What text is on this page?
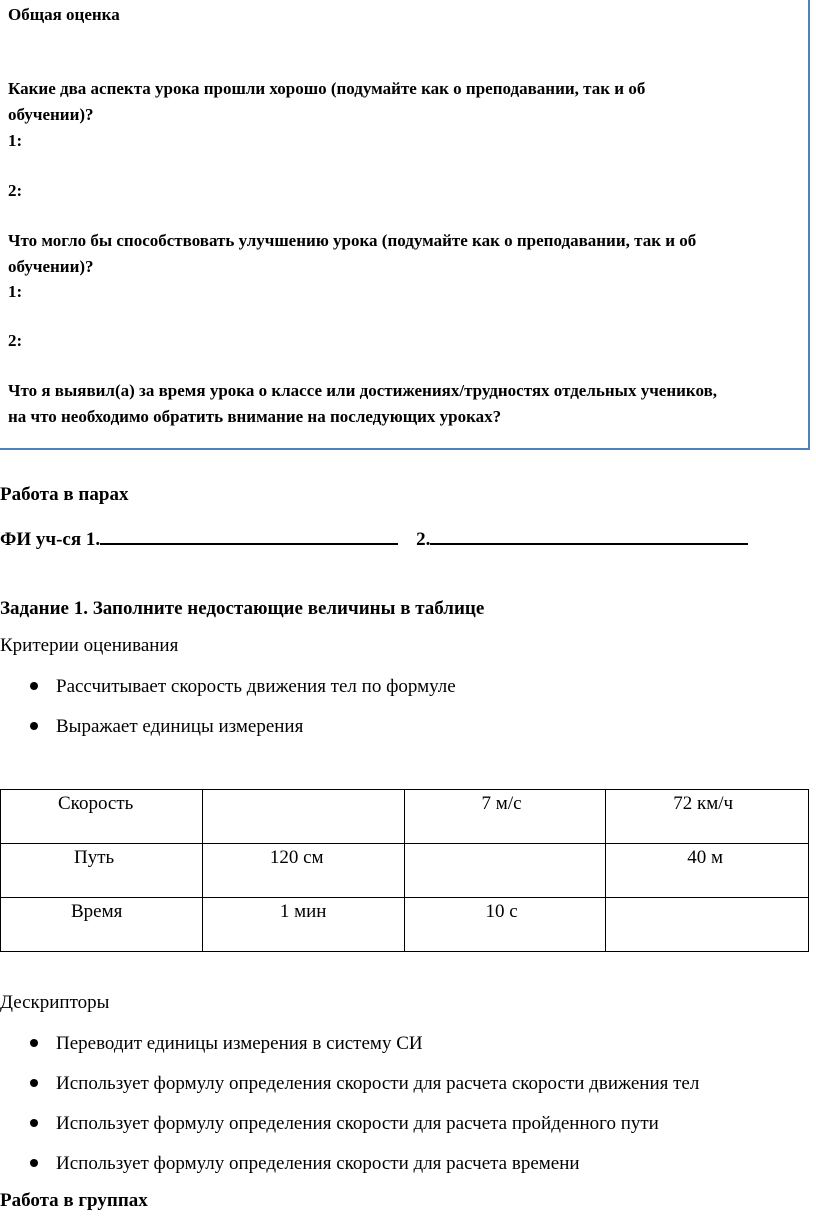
Общая оценка
Какие два аспекта урока прошли хорошо (подумайте как о преподавании, так и об
обучении)?
1:
2:
Что могло бы способствовать улучшению урока (подумайте как о преподавании, так и об
обучении)?
1:
2:
Что я выявил(а) за время урока о классе или достижениях/трудностях отдельных учеников,
на что необходимо обратить внимание на последующих уроках?
Работа в парах
ФИ уч-ся 1.	2.
Задание 1. Заполните недостающие величины в таблице
Критерии оценивания
Рассчитывает скорость движения тел по формуле
Выражает единицы измерения
Скорость		7 м/с	72 км/ч
Путь	120 см		40 м
Время	1 мин	10 с	
Дескрипторы
Переводит единицы измерения в систему СИ
Использует формулу определения скорости для расчета скорости движения тел
Использует формулу определения скорости для расчета пройденного пути
Использует формулу определения скорости для расчета времени
Работа в группах
